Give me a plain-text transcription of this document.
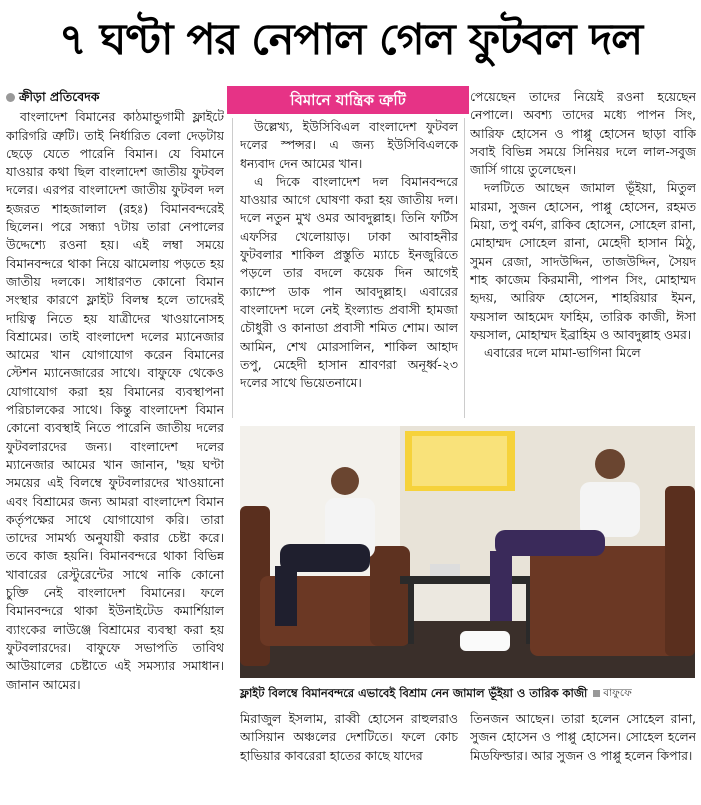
৭ ঘণ্টা পর নেপাল গেল ফুটবল দল
ক্রীড়া প্রতিবেদক

বাংলাদেশ বিমানের কাঠমান্ডুগামী ফ্লাইটে কারিগরি ত্রুটি। তাই নির্ধারিত বেলা দেড়টায় ছেড়ে যেতে পারেনি বিমান। যে বিমানে যাওয়ার কথা ছিল বাংলাদেশ জাতীয় ফুটবল দলের। এরপর বাংলাদেশ জাতীয় ফুটবল দল হজরত শাহজালাল (রহঃ) বিমানবন্দরেই ছিলেন। পরে সন্ধ্যা ৭টায় তারা নেপালের উদ্দেশ্যে রওনা হয়। এই লম্বা সময়ে বিমানবন্দরে থাকা নিয়ে ঝামেলায় পড়তে হয় জাতীয় দলকে। সাধারণত কোনো বিমান সংস্থার কারণে ফ্লাইট বিলম্ব হলে তাদেরই দায়িত্ব নিতে হয় যাত্রীদের খাওয়ানোসহ বিশ্রামের। তাই বাংলাদেশ দলের ম্যানেজার আমের খান যোগাযোগ করেন বিমানের স্টেশন ম্যানেজারের সাথে। বাফুফে থেকেও যোগাযোগ করা হয় বিমানের ব্যবস্থাপনা পরিচালকের সাথে। কিন্তু বাংলাদেশ বিমান কোনো ব্যবস্থাই নিতে পারেনি জাতীয় দলের ফুটবলারদের জন্য। বাংলাদেশ দলের ম্যানেজার আমের খান জানান, 'ছয় ঘণ্টা সময়ের এই বিলম্বে ফুটবলারদের খাওয়ানো এবং বিশ্রামের জন্য আমরা বাংলাদেশ বিমান কর্তৃপক্ষের সাথে যোগাযোগ করি। তারা তাদের সামর্থ্য অনুযায়ী করার চেষ্টা করে। তবে কাজ হয়নি। বিমানবন্দরে থাকা বিভিন্ন খাবারের রেস্টুরেন্টের সাথে নাকি কোনো চুক্তি নেই বাংলাদেশ বিমানের। ফলে বিমানবন্দরে থাকা ইউনাইটেড কমার্শিয়াল ব্যাংকের লাউঞ্জে বিশ্রামের ব্যবস্থা করা হয় ফুটবলারদের। বাফুফে সভাপতি তাবিথ আউয়ালের চেষ্টাতে এই সমস্যার সমাধান। জানান আমের।

বিমানে যান্ত্রিক ত্রুটি

উল্লেখ্য, ইউসিবিএল বাংলাদেশ ফুটবল দলের স্পন্সর। এ জন্য ইউসিবিএলকে ধন্যবাদ দেন আমের খান।

এ দিকে বাংলাদেশ দল বিমানবন্দরে যাওয়ার আগে ঘোষণা করা হয় জাতীয় দল। দলে নতুন মুখ ওমর আবদুল্লাহ। তিনি ফর্টিস এফসির খেলোয়াড়। ঢাকা আবাহনীর ফুটবলার শাকিল প্রস্তুতি ম্যাচে ইনজুরিতে পড়লে তার বদলে কয়েক দিন আগেই ক্যাম্পে ডাক পান আবদুল্লাহ। এবারের বাংলাদেশ দলে নেই ইংল্যান্ড প্রবাসী হামজা চৌধুরী ও কানাডা প্রবাসী শমিত শোম। আল আমিন, শেখ মোরসালিন, শাকিল আহাদ তপু, মেহেদী হাসান শ্রাবণরা অনূর্ধ্ব-২৩ দলের সাথে ভিয়েতনামে।

পেয়েছেন তাদের নিয়েই রওনা হয়েছেন নেপালে। অবশ্য তাদের মধ্যে পাপন সিং, আরিফ হোসেন ও পাপ্পু হোসেন ছাড়া বাকি সবাই বিভিন্ন সময়ে সিনিয়র দলে লাল-সবুজ জার্সি গায়ে তুলেছেন।

দলটিতে আছেন জামাল ভূঁইয়া, মিতুল মারমা, সুজন হোসেন, পাপ্পু হোসেন, রহমত মিয়া, তপু বর্মণ, রাকিব হোসেন, সোহেল রানা, মোহাম্মদ সোহেল রানা, মেহেদী হাসান মিঠু, সুমন রেজা, সাদউদ্দিন, তাজউদ্দিন, সৈয়দ শাহ কাজেম কিরমানী, পাপন সিং, মোহাম্মদ হৃদয়, আরিফ হোসেন, শাহরিয়ার ইমন, ফয়সাল আহমেদ ফাহিম, তারিক কাজী, ঈসা ফয়সাল, মোহাম্মদ ইব্রাহিম ও আবদুল্লাহ ওমর।

এবারের দলে মামা-ভাগিনা মিলে

ফ্লাইট বিলম্বে বিমানবন্দরে এভাবেই বিশ্রাম নেন জামাল ভূঁইয়া ও তারিক কাজী বাফুফে

মিরাজুল ইসলাম, রাব্বী হোসেন রাহুলরাও আসিয়ান অঞ্চলের দেশটিতে। ফলে কোচ হাভিয়ার কাবরেরা হাতের কাছে যাদের

তিনজন আছেন। তারা হলেন সোহেল রানা, সুজন হোসেন ও পাপ্পু হোসেন। সোহেল হলেন মিডফিল্ডার। আর সুজন ও পাপ্পু হলেন কিপার।
